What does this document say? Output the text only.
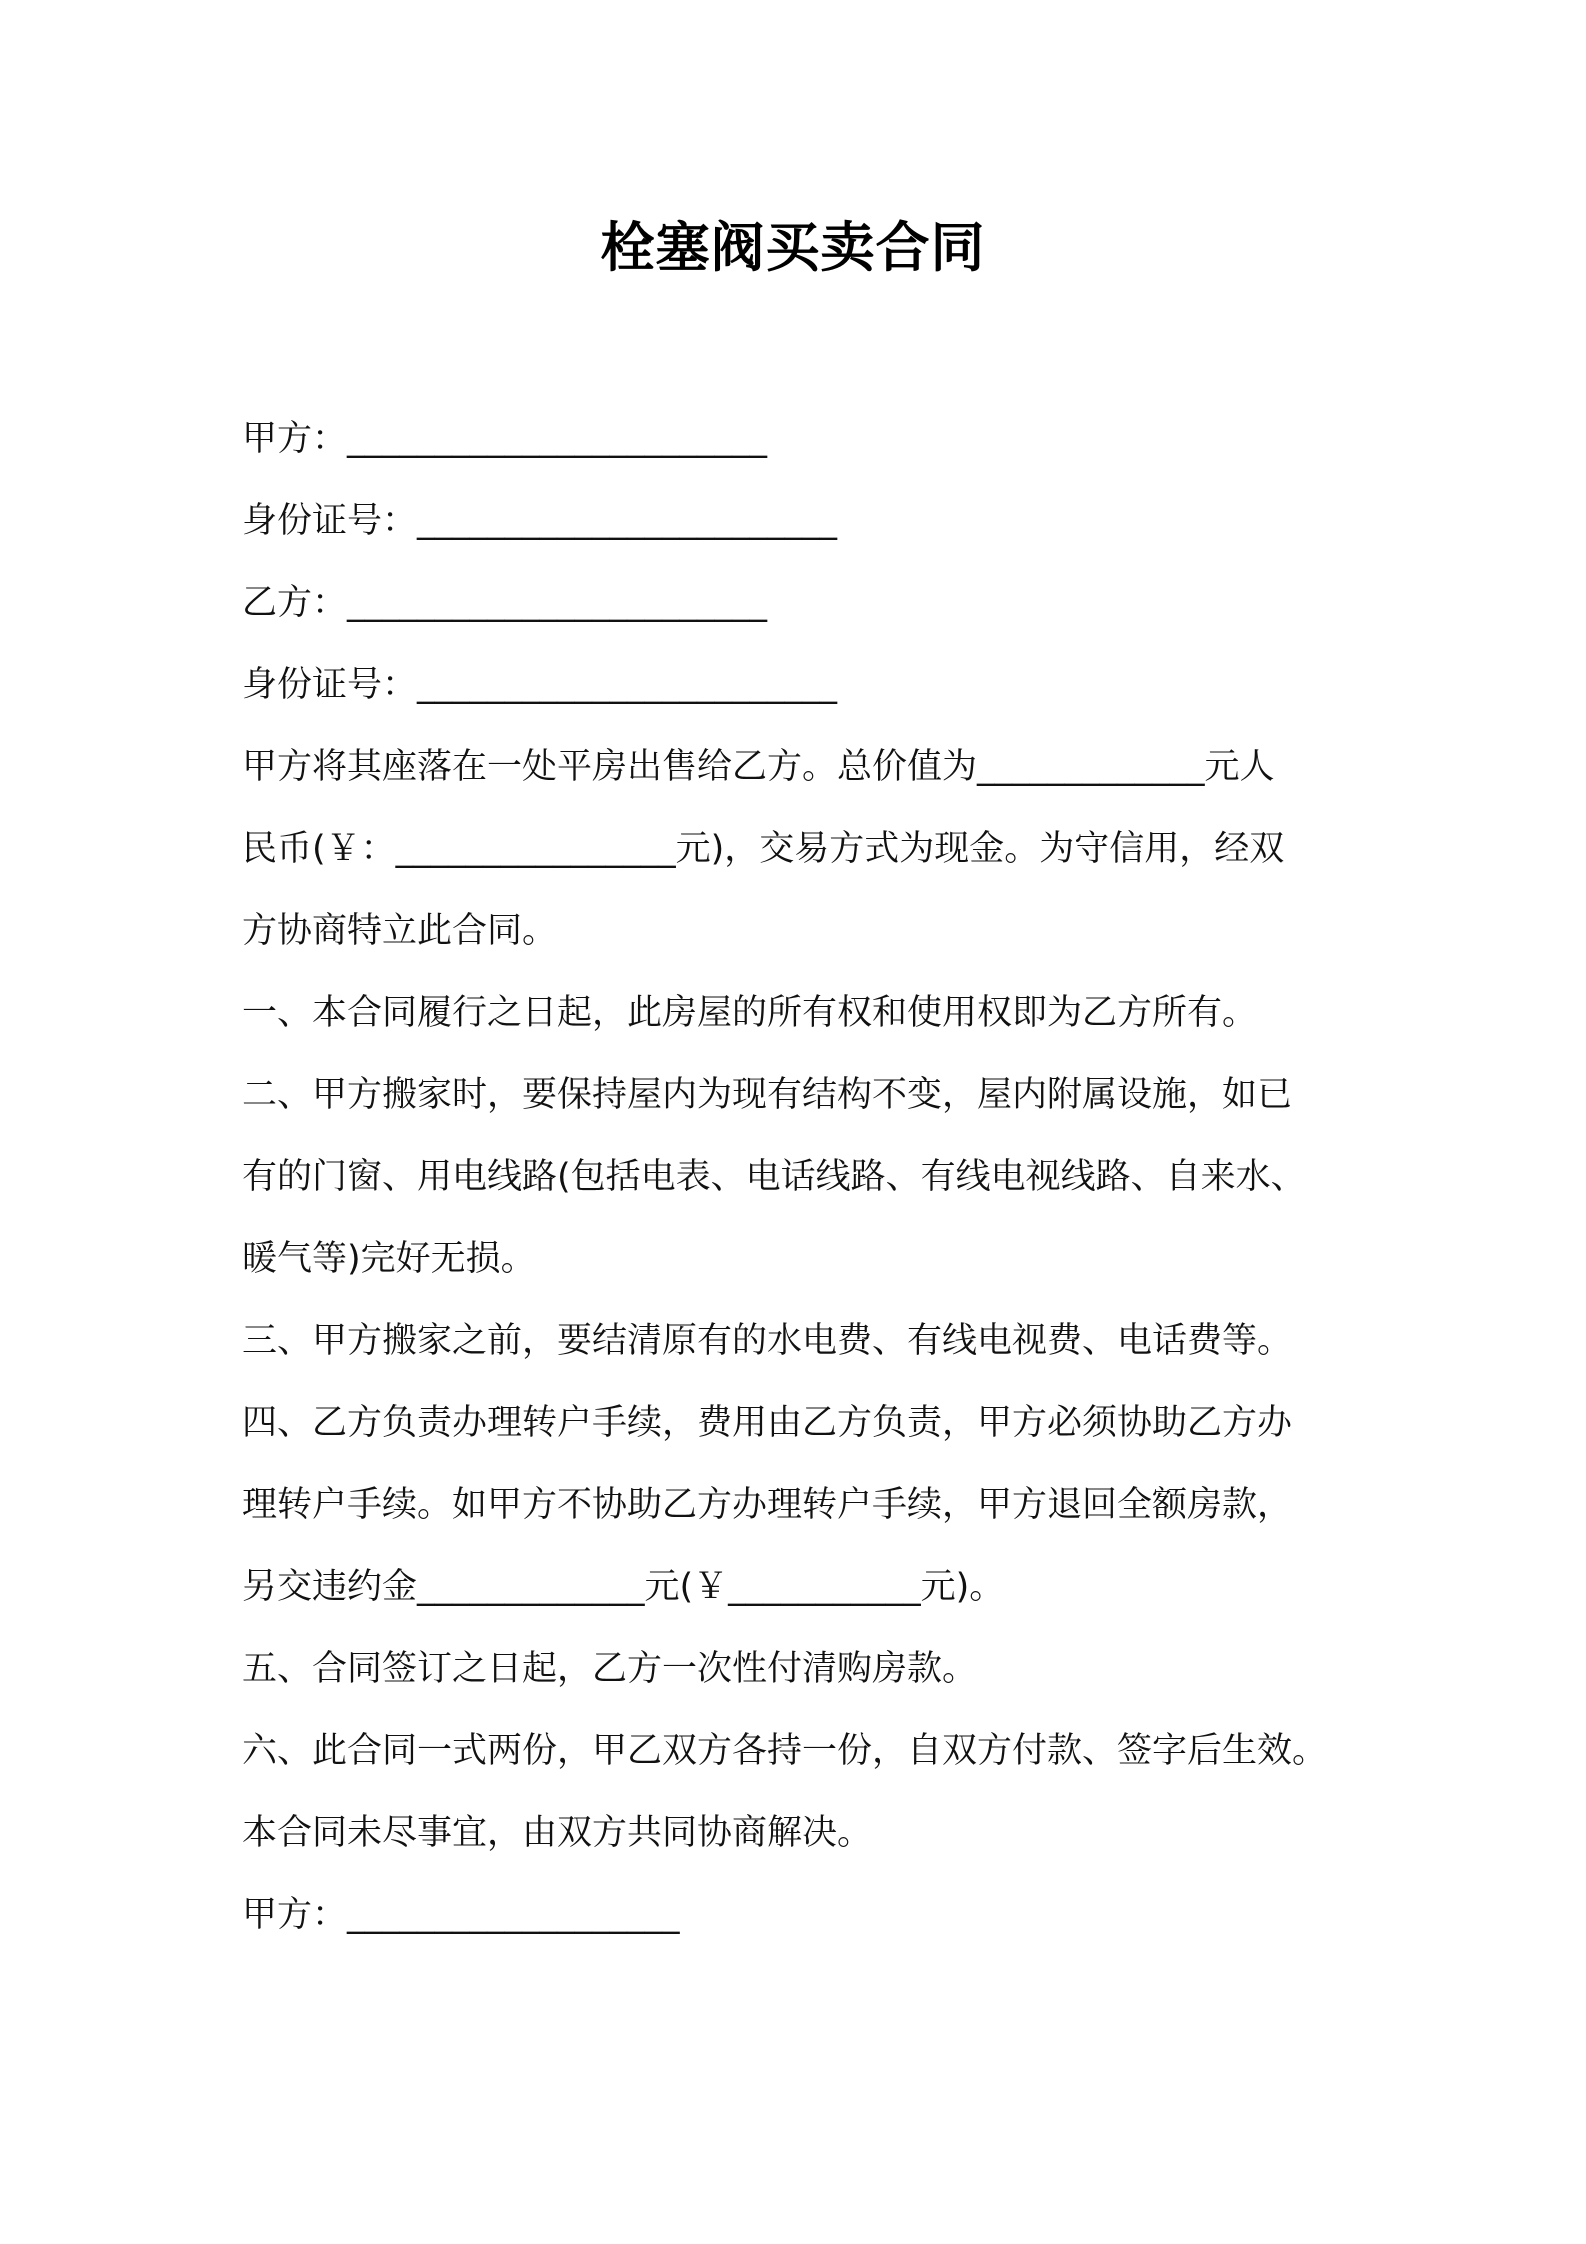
栓塞阀买卖合同
甲方：________________________
身份证号：________________________
乙方：________________________
身份证号：________________________
甲方将其座落在一处平房出售给乙方。总价值为_____________元人
民币(￥：________________元)，交易方式为现金。为守信用，经双
方协商特立此合同。
一、本合同履行之日起，此房屋的所有权和使用权即为乙方所有。
二、甲方搬家时，要保持屋内为现有结构不变，屋内附属设施，如已
有的门窗、用电线路(包括电表、电话线路、有线电视线路、自来水、
暖气等)完好无损。
三、甲方搬家之前，要结清原有的水电费、有线电视费、电话费等。
四、乙方负责办理转户手续，费用由乙方负责，甲方必须协助乙方办
理转户手续。如甲方不协助乙方办理转户手续，甲方退回全额房款，
另交违约金_____________元(￥___________元)。
五、合同签订之日起，乙方一次性付清购房款。
六、此合同一式两份，甲乙双方各持一份，自双方付款、签字后生效。
本合同未尽事宜，由双方共同协商解决。
甲方：___________________
